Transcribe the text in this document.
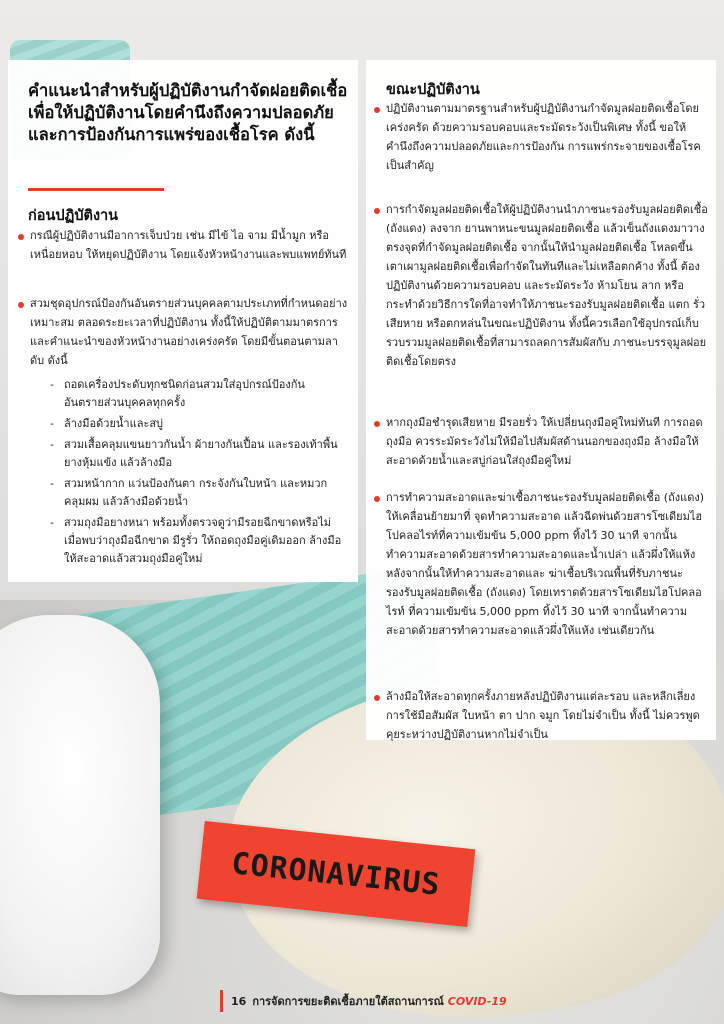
CORONAVIRUS
คำแนะนำสำหรับผู้ปฏิบัติงานกำจัดฝอยติดเชื้อ เพื่อให้ปฏิบัติงานโดยคำนึงถึงความปลอดภัย และการป้องกันการแพร่ของเชื้อโรค ดังนี้
ก่อนปฏิบัติงาน
กรณีผู้ปฏิบัติงานมีอาการเจ็บป่วย เช่น มีไข้ ไอ จาม มีน้ำมูก หรือเหนื่อยหอบ ให้หยุดปฏิบัติงาน โดยแจ้งหัวหน้างานและพบแพทย์ทันที
สวมชุดอุปกรณ์ป้องกันอันตรายส่วนบุคคลตามประเภทที่กำหนดอย่างเหมาะสม ตลอดระยะเวลาที่ปฏิบัติงาน ทั้งนี้ให้ปฏิบัติตามมาตรการและคำแนะนำของหัวหน้างานอย่างเคร่งครัด โดยมีขั้นตอนตามลาดับ ดังนี้
- ถอดเครื่องประดับทุกชนิดก่อนสวมใส่อุปกรณ์ป้องกันอันตรายส่วนบุคคลทุกครั้ง
- ล้างมือด้วยน้ำและสบู่
- สวมเสื้อคลุมแขนยาวกันน้ำ ผ้ายางกันเปื้อน และรองเท้าพื้นยางหุ้มแข้ง แล้วล้างมือ
- สวมหน้ากาก แว่นป้องกันตา กระจังกันใบหน้า และหมวกคลุมผม แล้วล้างมือด้วยน้ำ
- สวมถุงมือยางหนา พร้อมทั้งตรวจดูว่ามีรอยฉีกขาดหรือไม่ เมื่อพบว่าถุงมือฉีกขาด มีรูรั่ว ให้ถอดถุงมือคู่เดิมออก ล้างมือให้สะอาดแล้วสวมถุงมือคู่ใหม่
ขณะปฏิบัติงาน
ปฏิบัติงานตามมาตรฐานสำหรับผู้ปฏิบัติงานกำจัดมูลฝอยติดเชื้อโดยเคร่งครัด ด้วยความรอบคอบและระมัดระวังเป็นพิเศษ ทั้งนี้ ขอให้คำนึงถึงความปลอดภัยและการป้องกัน การแพร่กระจายของเชื้อโรคเป็นสำคัญ
การกำจัดมูลฝอยติดเชื้อให้ผู้ปฏิบัติงานนำภาชนะรองรับมูลฝอยติดเชื้อ (ถังแดง) ลงจาก ยานพาหนะขนมูลฝอยติดเชื้อ แล้วเข็นถังแดงมาวางตรงจุดที่กำจัดมูลฝอยติดเชื้อ จากนั้นให้นำมูลฝอยติดเชื้อ โหลดขึ้นเตาเผามูลฝอยติดเชื้อเพื่อกำจัดในทันทีและไม่เหลือตกค้าง ทั้งนี้ ต้องปฏิบัติงานด้วยความรอบคอบ และระมัดระวัง ห้ามโยน ลาก หรือกระทำด้วยวิธีการใดที่อาจทำให้ภาชนะรองรับมูลฝอยติดเชื้อ แตก รั่ว เสียหาย หรือตกหล่นในขณะปฏิบัติงาน ทั้งนี้ควรเลือกใช้อุปกรณ์เก็บรวบรวมมูลฝอยติดเชื้อที่สามารถลดการสัมผัสกับ ภาชนะบรรจุมูลฝอยติดเชื้อโดยตรง
หากถุงมือชำรุดเสียหาย มีรอยรั่ว ให้เปลี่ยนถุงมือคู่ใหม่ทันที การถอดถุงมือ ควรระมัดระวังไม่ให้มือไปสัมผัสด้านนอกของถุงมือ ล้างมือให้สะอาดด้วยน้ำและสบู่ก่อนใส่ถุงมือคู่ใหม่
การทำความสะอาดและฆ่าเชื้อภาชนะรองรับมูลฝอยติดเชื้อ (ถังแดง) ให้เคลื่อนย้ายมาที่ จุดทำความสะอาด แล้วฉีดพ่นด้วยสารโซเดียมไฮโปคลอไรท์ที่ความเข้มข้น 5,000 ppm ทิ้งไว้ 30 นาที จากนั้นทำความสะอาดด้วยสารทำความสะอาดและน้ำเปล่า แล้วผึ่งให้แห้ง หลังจากนั้นให้ทำความสะอาดและ ฆ่าเชื้อบริเวณพื้นที่รับภาชนะรองรับมูลฝอยติดเชื้อ (ถังแดง) โดยเทราดด้วยสารโซเดียมไฮโปคลอไรท์ ที่ความเข้มข้น 5,000 ppm ทิ้งไว้ 30 นาที จากนั้นทำความสะอาดด้วยสารทำความสะอาดแล้วผึ่งให้แห้ง เช่นเดียวกัน
ล้างมือให้สะอาดทุกครั้งภายหลังปฏิบัติงานแต่ละรอบ และหลีกเลี่ยงการใช้มือสัมผัส ใบหน้า ตา ปาก จมูก โดยไม่จำเป็น ทั้งนี้ ไม่ควรพูดคุยระหว่างปฏิบัติงานหากไม่จำเป็น
16 การจัดการขยะติดเชื้อภายใต้สถานการณ์ COVID-19
